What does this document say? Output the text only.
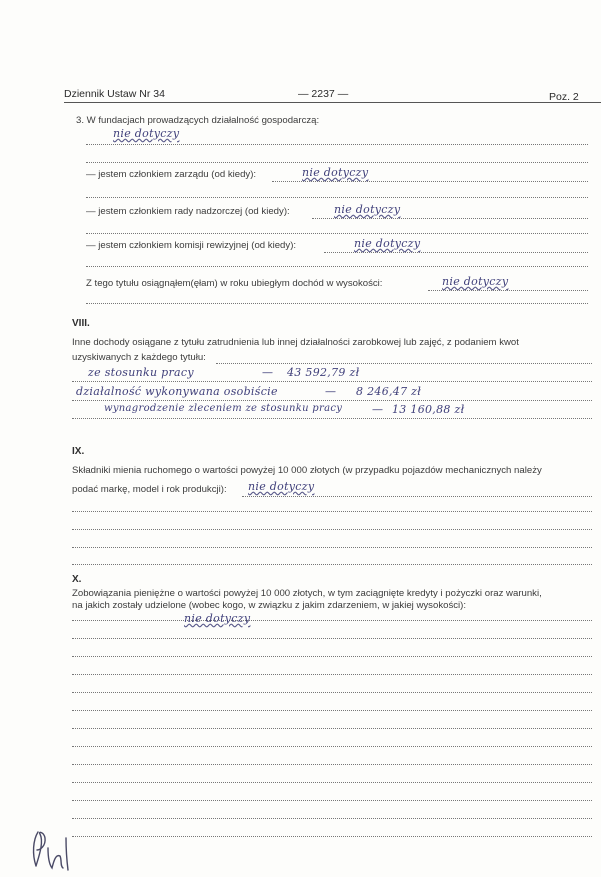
Dziennik Ustaw Nr 34	— 2237 —	Poz. 2
3. W fundacjach prowadzących działalność gospodarczą:
nie dotyczy
— jestem członkiem zarządu (od kiedy):	nie dotyczy
— jestem członkiem rady nadzorczej (od kiedy):	nie dotyczy
— jestem członkiem komisji rewizyjnej (od kiedy):	nie dotyczy
Z tego tytułu osiągnąłem(ęłam) w roku ubiegłym dochód w wysokości:	nie dotyczy
VIII.
Inne dochody osiągane z tytułu zatrudnienia lub innej działalności zarobkowej lub zajęć, z podaniem kwot
uzyskiwanych z każdego tytułu:
ze stosunku pracy	— 43 592,79 zł
działalność wykonywana osobiście	— 8 246,47 zł
wynagrodzenie zleceniem ze stosunku pracy	— 13 160,88 zł
IX.
Składniki mienia ruchomego o wartości powyżej 10 000 złotych (w przypadku pojazdów mechanicznych należy
podać markę, model i rok produkcji): nie dotyczy
X.
Zobowiązania pieniężne o wartości powyżej 10 000 złotych, w tym zaciągnięte kredyty i pożyczki oraz warunki,
na jakich zostały udzielone (wobec kogo, w związku z jakim zdarzeniem, w jakiej wysokości):
nie dotyczy
